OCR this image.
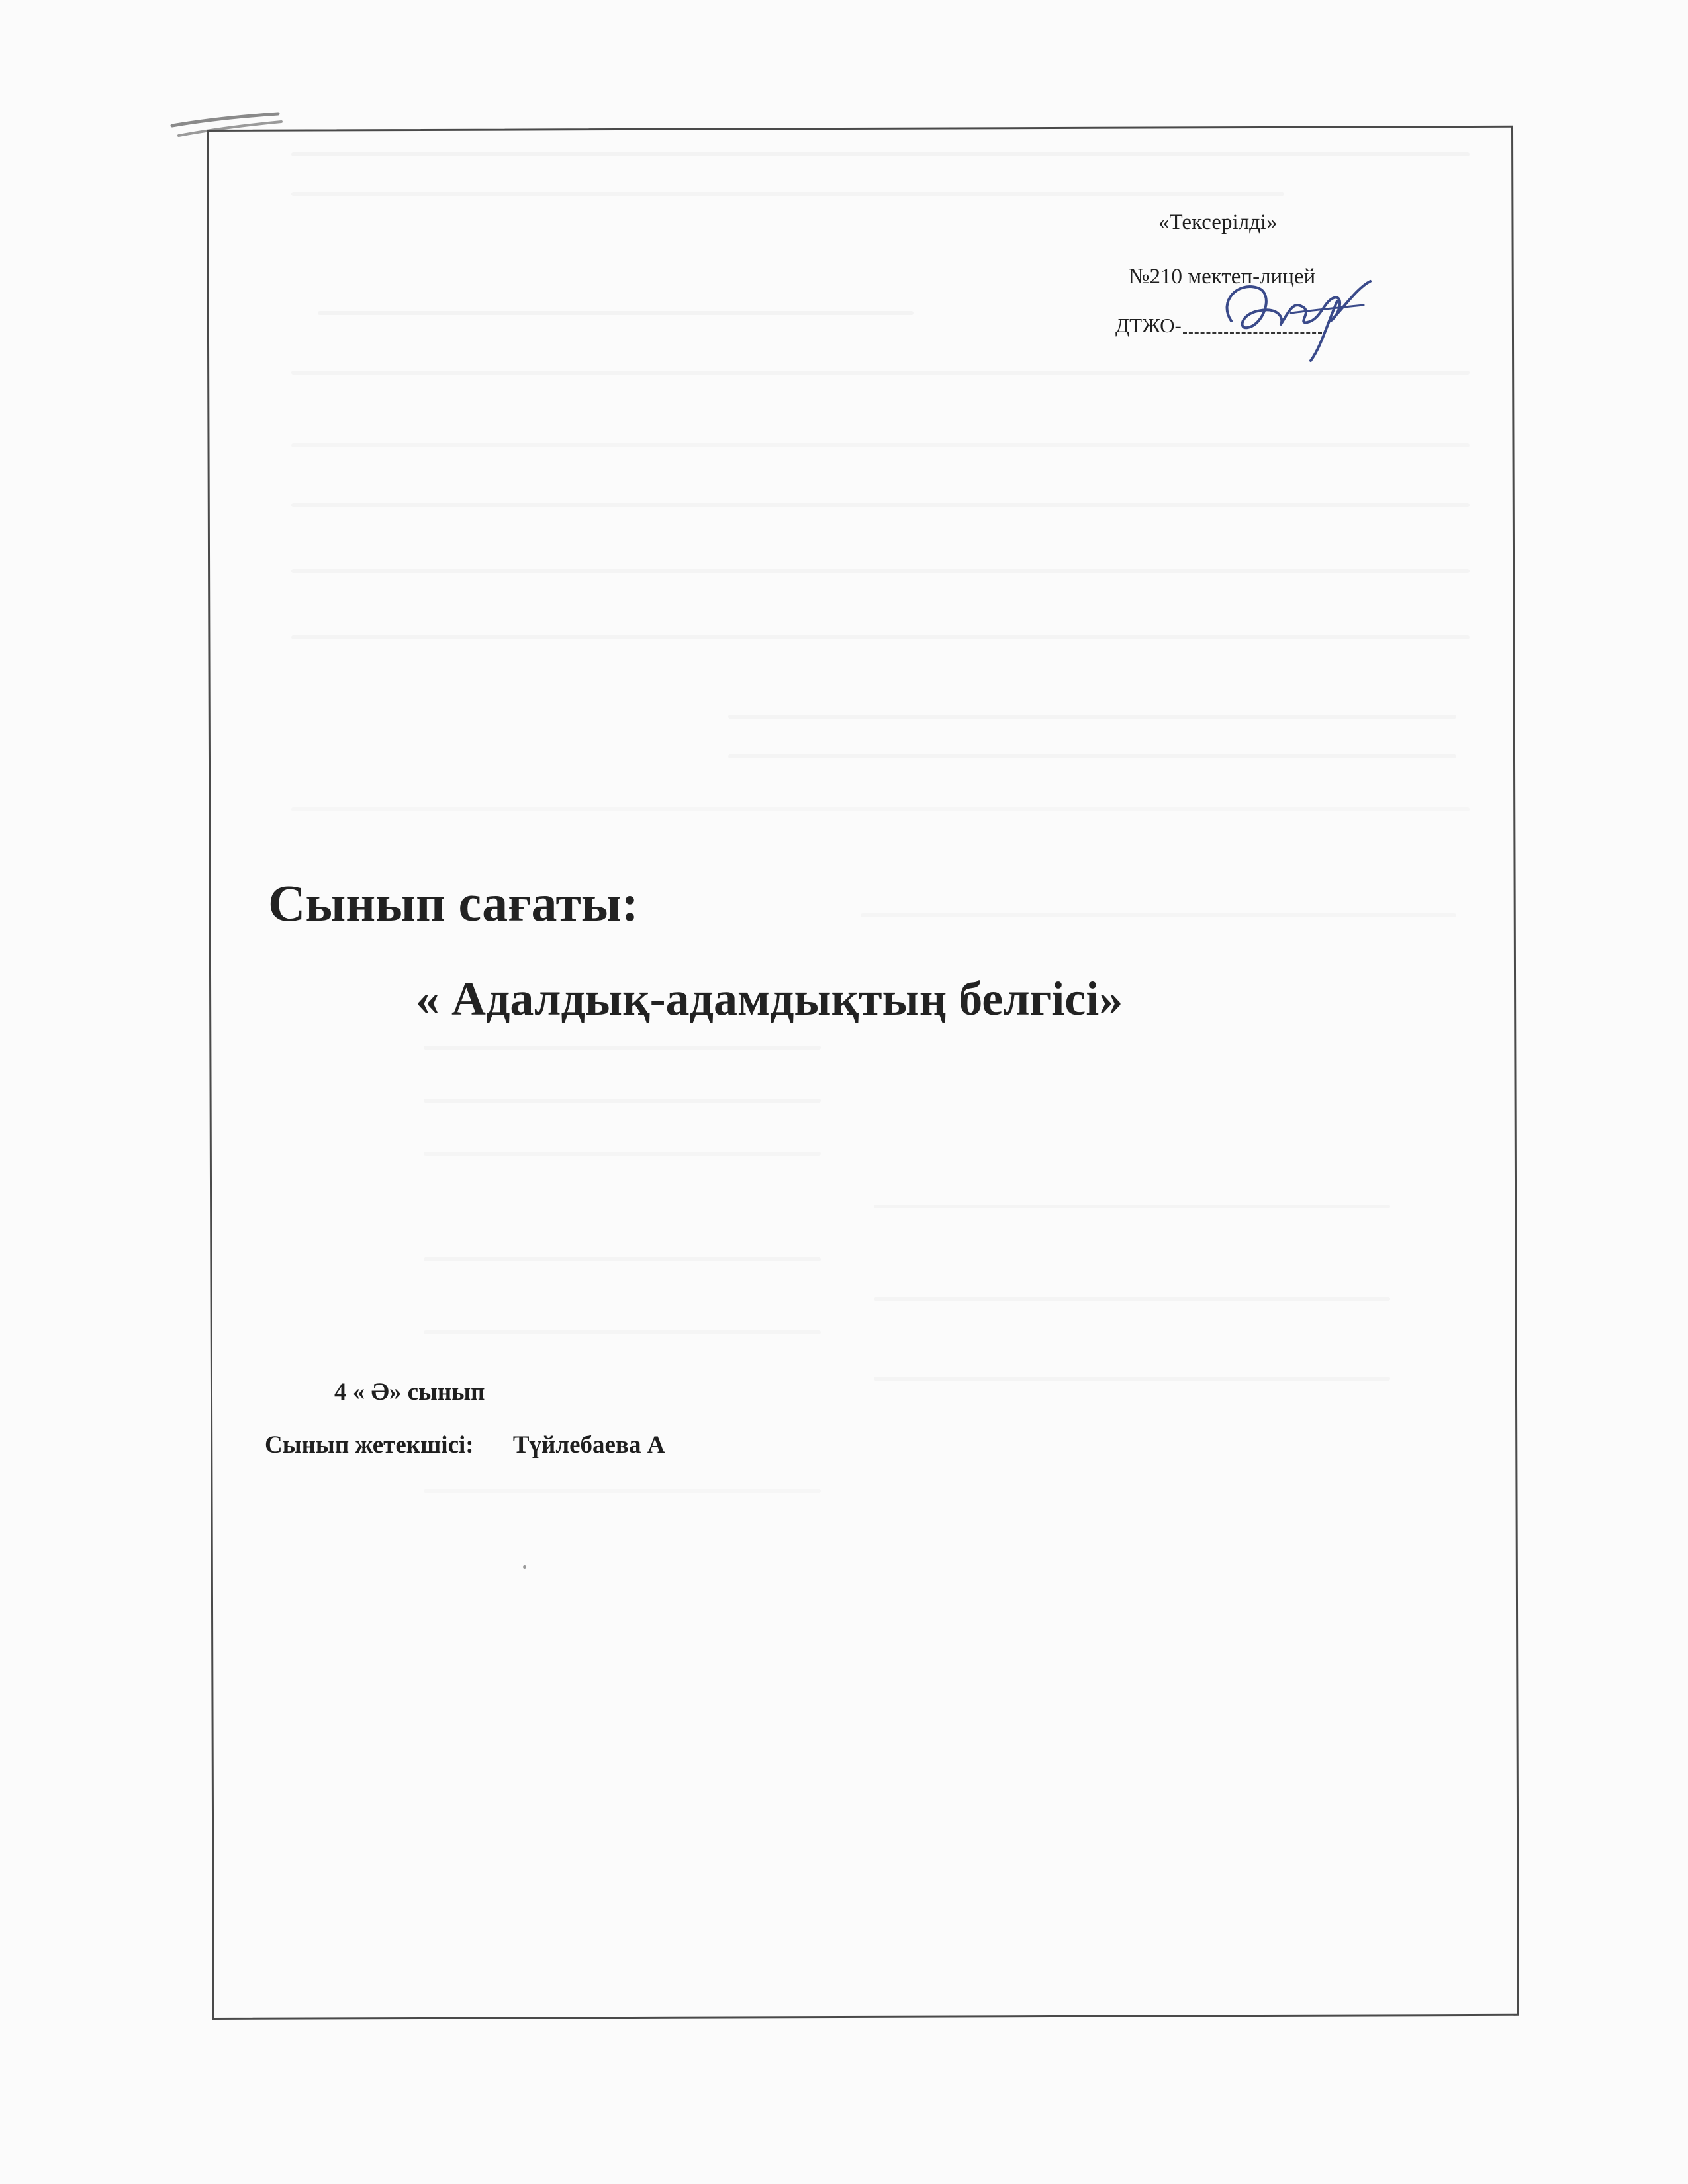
«Тексерілді»
№210 мектеп-лицей
ДТЖО-
Сынып сағаты:
« Адалдық-адамдықтың белгісі»
4 « Ә» сынып
Сынып жетекшісі: Түйлебаева А
